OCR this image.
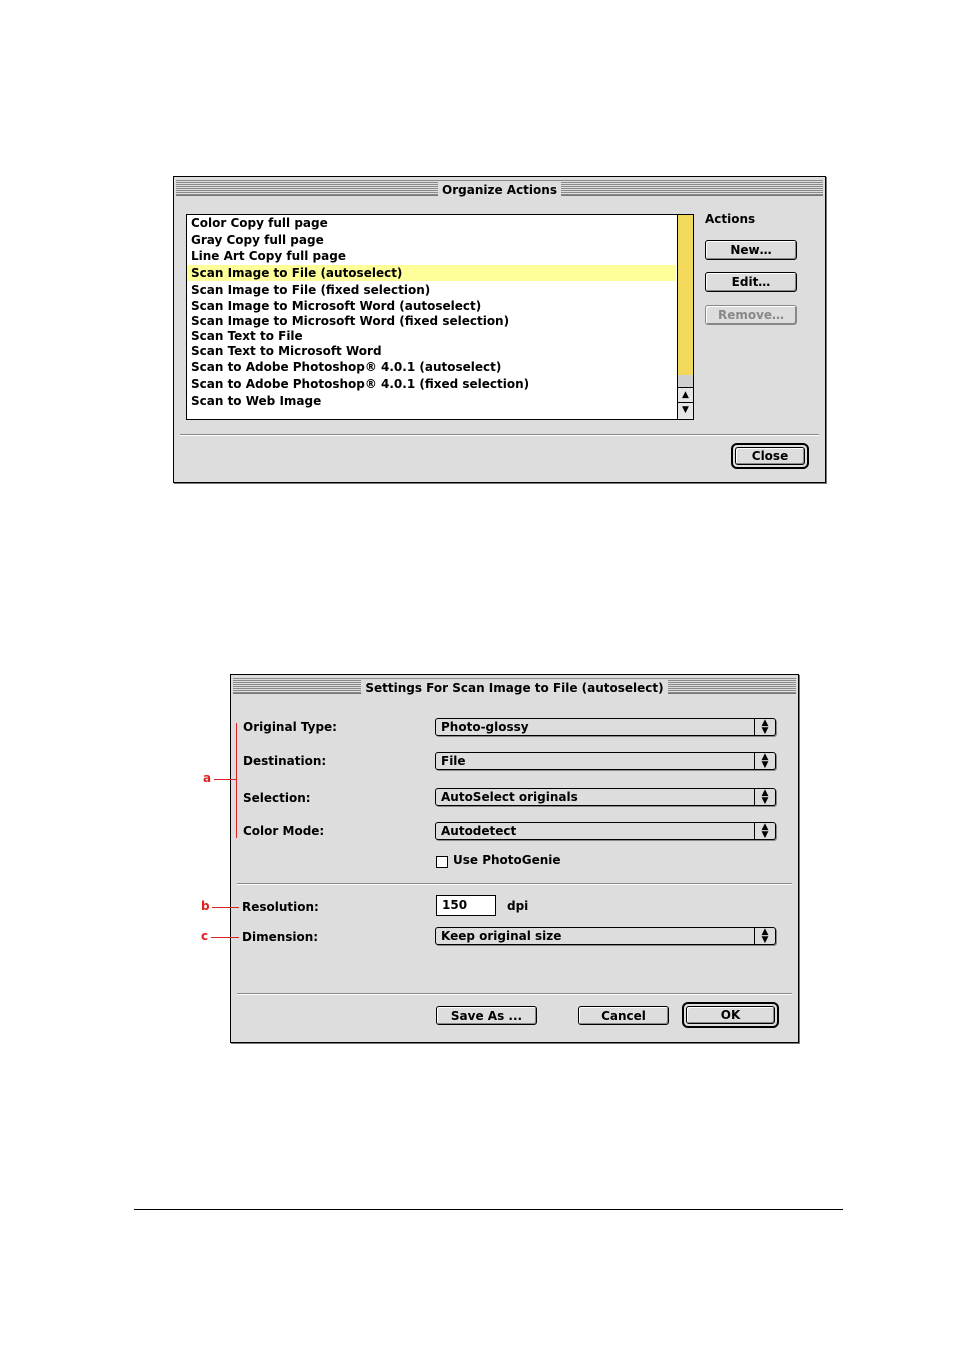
Organize Actions
Color Copy full page
Gray Copy full page
Line Art Copy full page
Scan Image to File (autoselect)
Scan Image to File (fixed selection)
Scan Image to Microsoft Word (autoselect)
Scan Image to Microsoft Word (fixed selection)
Scan Text to File
Scan Text to Microsoft Word
Scan to Adobe Photoshop® 4.0.1 (autoselect)
Scan to Adobe Photoshop® 4.0.1 (fixed selection)
Scan to Web Image	▲
▼
Actions
New…
Edit…
Remove…
Close
Settings For Scan Image to File (autoselect)
Original Type:	Photo-glossy	▲
▼
Destination:	File	▲
▼
Selection:	AutoSelect originals	▲
▼
Color Mode:	Autodetect	▲
▼
Use PhotoGenie
Resolution:	150	dpi
Dimension:	Keep original size	▲
▼
Save As ...	Cancel	OK
a
b
c
